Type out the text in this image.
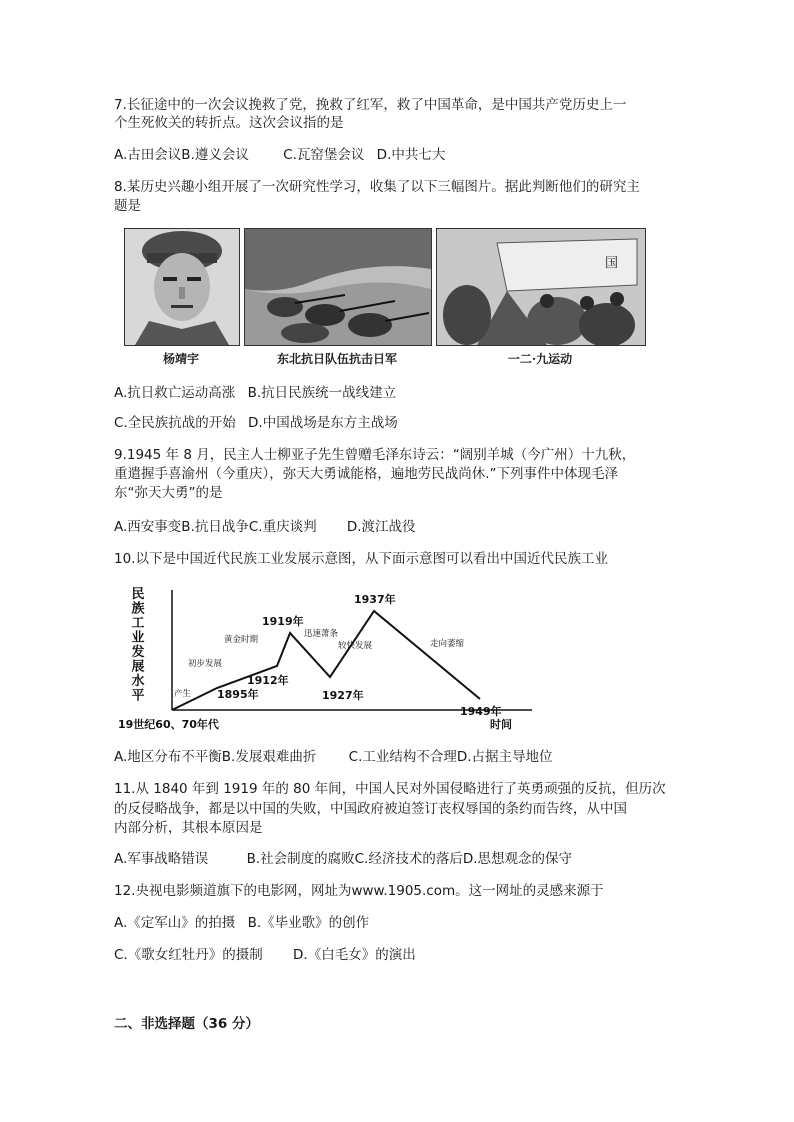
7.长征途中的一次会议挽救了党，挽救了红军，救了中国革命，是中国共产党历史上一
个生死攸关的转折点。这次会议指的是
A.古田会议B.遵义会议	C.瓦窑堡会议 D.中共七大
8.某历史兴趣小组开展了一次研究性学习，收集了以下三幅图片。据此判断他们的研究主
题是
国
杨靖宇	东北抗日队伍抗击日军	一二·九运动
A.抗日救亡运动高涨 B.抗日民族统一战线建立
C.全民族抗战的开始 D.中国战场是东方主战场
9.1945 年 8 月，民主人士柳亚子先生曾赠毛泽东诗云：“阔别羊城（今广州）十九秋，
重遣握手喜渝州（今重庆），弥天大勇诚能格，遍地劳民战尚休.”下列事件中体现毛泽
东“弥天大勇”的是
A.西安事变B.抗日战争C.重庆谈判 D.渡江战役
10.以下是中国近代民族工业发展示意图，从下面示意图可以看出中国近代民族工业
民
族
工
业
发
展
水
平
19世纪60、70年代	时间
1895年
1912年
1919年
1927年
1937年
1949年
产生
初步发展
黄金时期
迅速萧条
较快发展	走向萎缩
A.地区分布不平衡B.发展艰难曲折 C.工业结构不合理D.占据主导地位
11.从 1840 年到 1919 年的 80 年间，中国人民对外国侵略进行了英勇顽强的反抗，但历次
的反侵略战争，都是以中国的失败，中国政府被迫签订丧权辱国的条约而告终，从中国
内部分析，其根本原因是
A.军事战略错误	B.社会制度的腐败C.经济技术的落后D.思想观念的保守
12.央视电影频道旗下的电影网，网址为www.1905.com。这一网址的灵感来源于
A.《定军山》的拍摄 B.《毕业歌》的创作
C.《歌女红牡丹》的摄制 D.《白毛女》的演出
二、非选择题（36 分）
